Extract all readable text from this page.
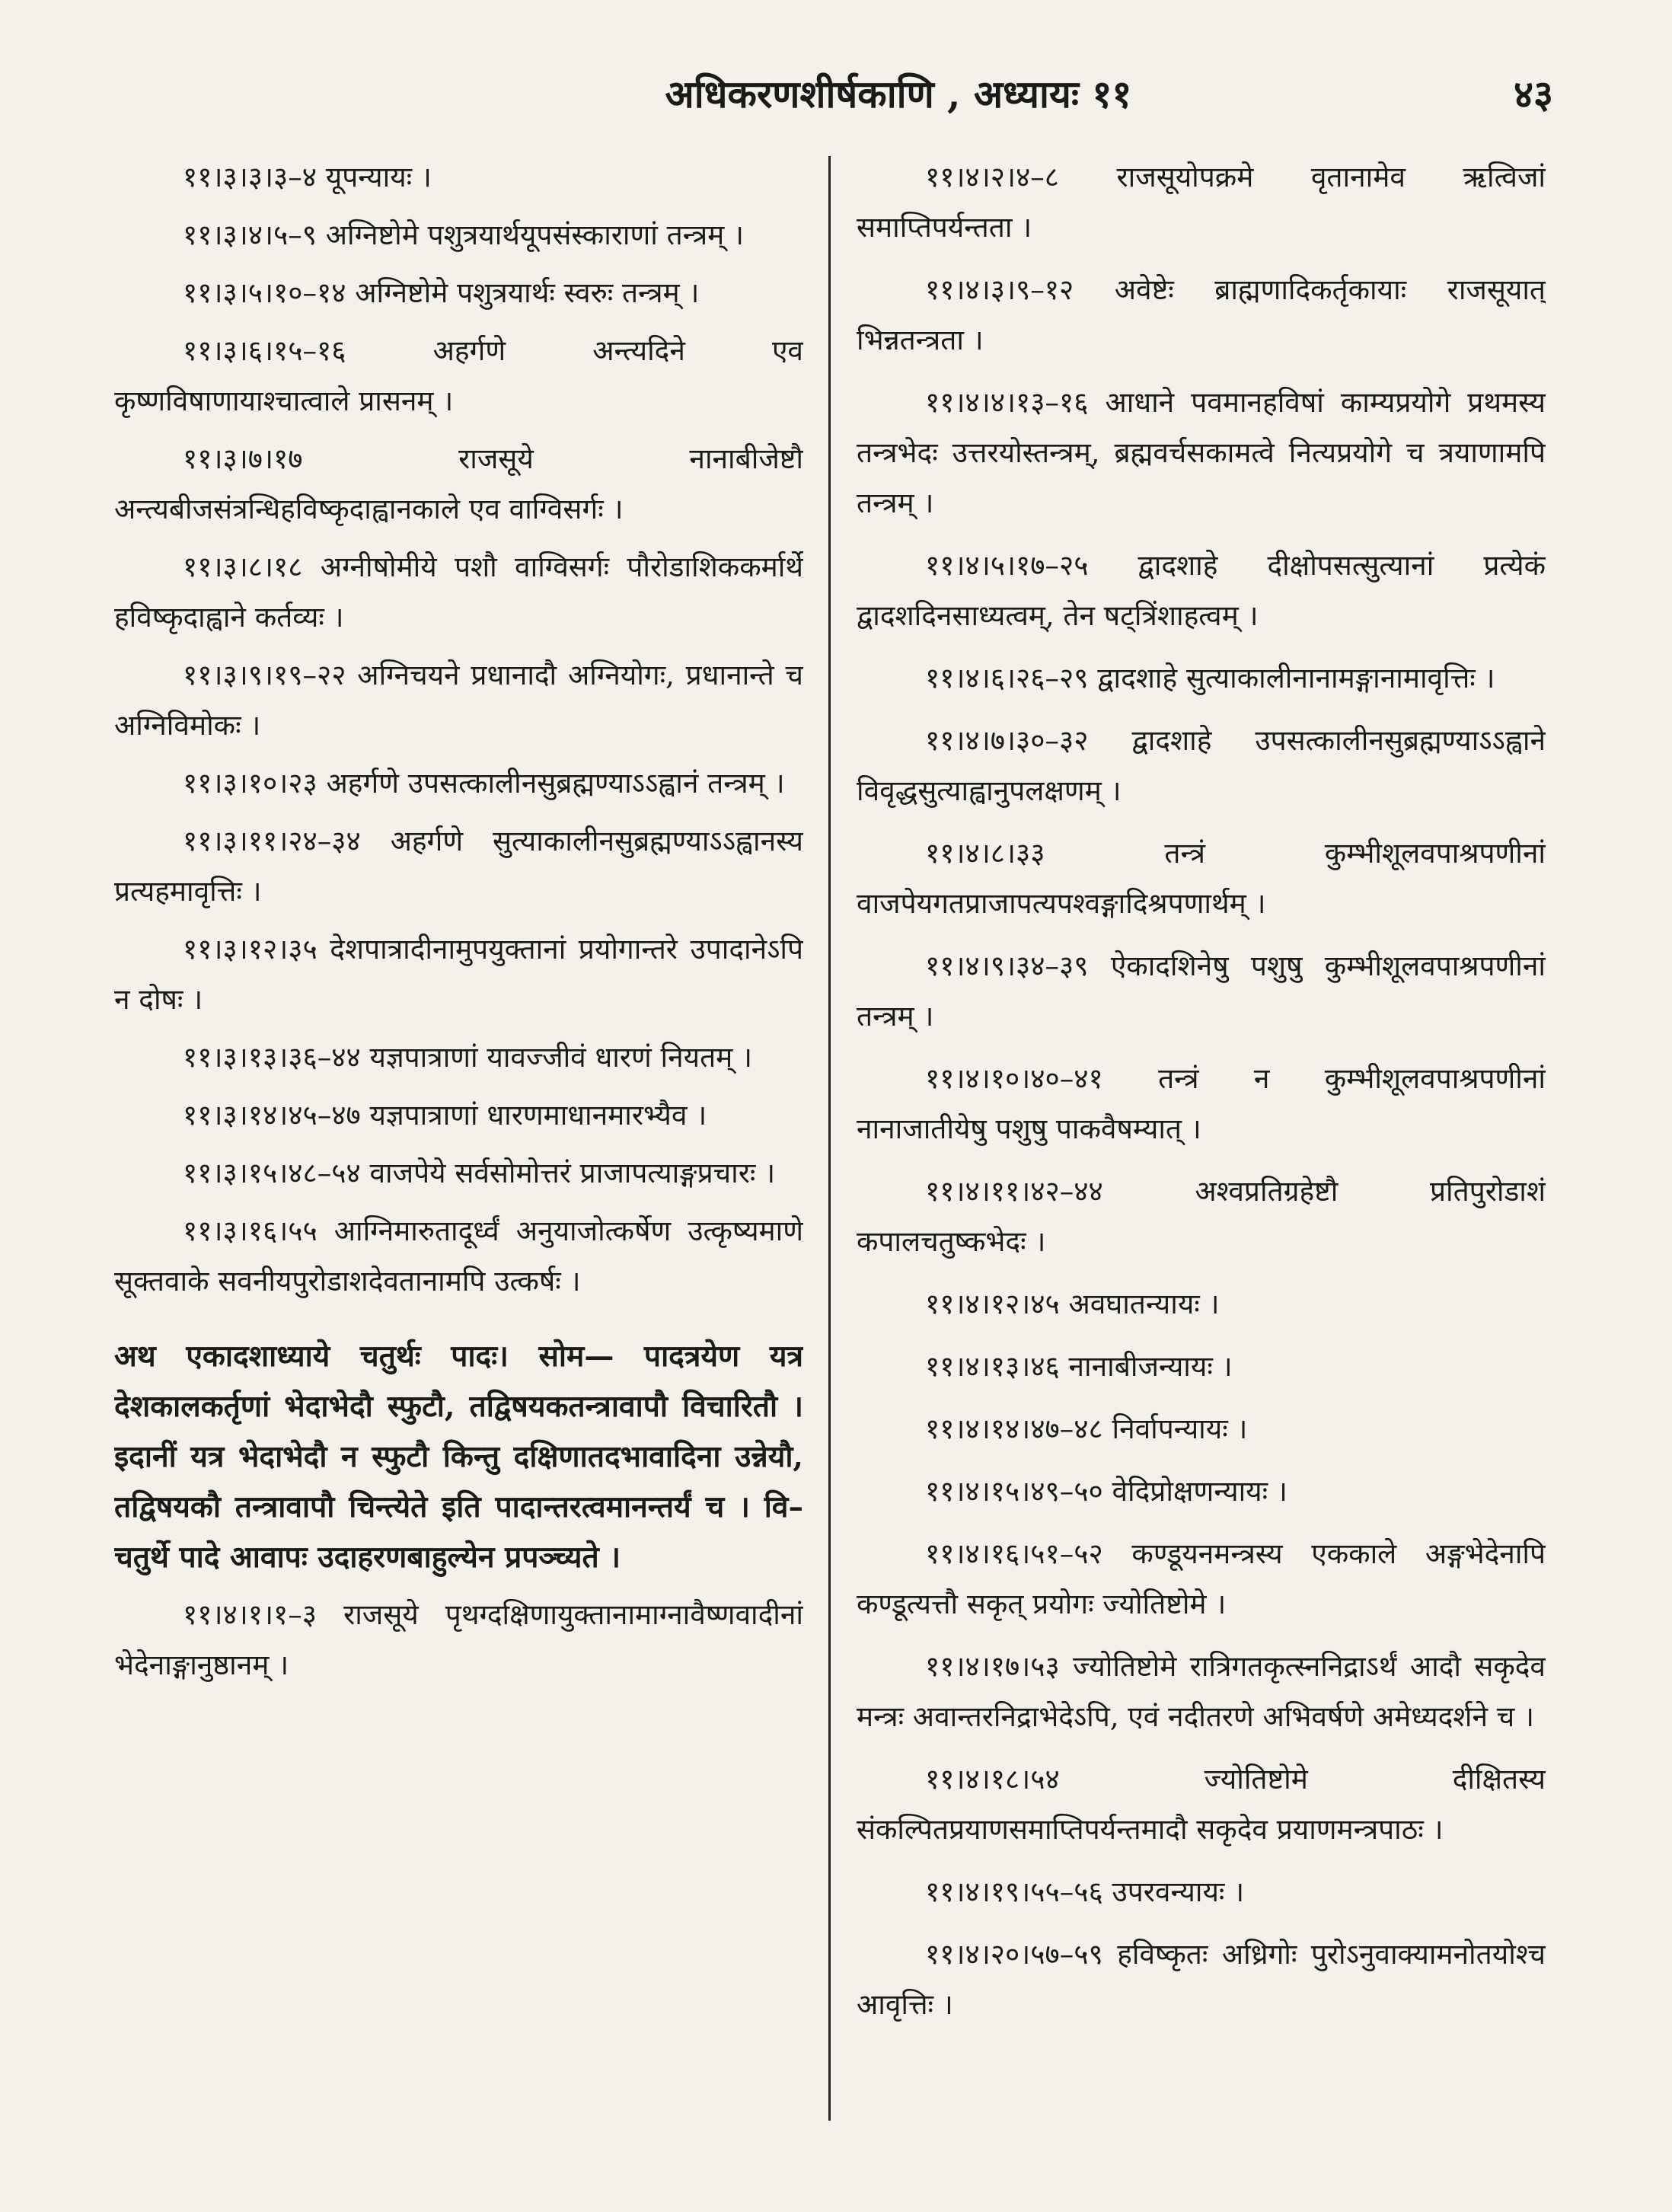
अधिकरणशीर्षकाणि , अध्यायः ११	४३

११।३।३।३–४ यूपन्यायः ।

११।३।४।५–९ अग्निष्टोमे पशुत्रयार्थयूपसंस्काराणां तन्त्रम् ।

११।३।५।१०–१४ अग्निष्टोमे पशुत्रयार्थः स्वरुः तन्त्रम् ।

११।३।६।१५–१६ अहर्गणे अन्त्यदिने एव कृष्णविषाणायाश्चात्वाले प्रासनम् ।

११।३।७।१७ राजसूये नानाबीजेष्टौ अन्त्यबीजसंत्रन्धिहविष्कृदाह्वानकाले एव वाग्विसर्गः ।

११।३।८।१८ अग्नीषोमीये पशौ वाग्विसर्गः पौरोडाशिककर्मार्थे हविष्कृदाह्वाने कर्तव्यः ।

११।३।९।१९–२२ अग्निचयने प्रधानादौ अग्नियोगः, प्रधानान्ते च अग्निविमोकः ।

११।३।१०।२३ अहर्गणे उपसत्कालीनसुब्रह्मण्याऽऽह्वानं तन्त्रम् ।

११।३।११।२४–३४ अहर्गणे सुत्याकालीनसुब्रह्मण्याऽऽह्वानस्य प्रत्यहमावृत्तिः ।

११।३।१२।३५ देशपात्रादीनामुपयुक्तानां प्रयोगान्तरे उपादानेऽपि न दोषः ।

११।३।१३।३६–४४ यज्ञपात्राणां यावज्जीवं धारणं नियतम् ।

११।३।१४।४५–४७ यज्ञपात्राणां धारणमाधानमारभ्यैव ।

११।३।१५।४८–५४ वाजपेये सर्वसोमोत्तरं प्राजापत्याङ्गप्रचारः ।

११।३।१६।५५ आग्निमारुतादूर्ध्वं अनुयाजोत्कर्षेण उत्कृष्यमाणे सूक्तवाके सवनीयपुरोडाशदेवतानामपि उत्कर्षः ।

अथ एकादशाध्याये चतुर्थः पादः। सोम— पादत्रयेण यत्र देशकालकर्तृणां भेदाभेदौ स्फुटौ, तद्विषयकतन्त्रावापौ विचारितौ । इदानीं यत्र भेदाभेदौ न स्फुटौ किन्तु दक्षिणातदभावादिना उन्नेयौ, तद्विषयकौ तन्त्रावापौ चिन्त्येते इति पादान्तरत्वमानन्तर्यं च । वि– चतुर्थे पादे आवापः उदाहरणबाहुल्येन प्रपञ्च्यते ।

११।४।१।१–३ राजसूये पृथग्दक्षिणायुक्तानामाग्नावैष्णवादीनां भेदेनाङ्गानुष्ठानम् ।

११।४।२।४–८ राजसूयोपक्रमे वृतानामेव ऋत्विजां समाप्तिपर्यन्तता ।

११।४।३।९–१२ अवेष्टेः ब्राह्मणादिकर्तृकायाः राजसूयात् भिन्नतन्त्रता ।

११।४।४।१३–१६ आधाने पवमानहविषां काम्यप्रयोगे प्रथमस्य तन्त्रभेदः उत्तरयोस्तन्त्रम्, ब्रह्मवर्चसकामत्वे नित्यप्रयोगे च त्रयाणामपि तन्त्रम् ।

११।४।५।१७–२५ द्वादशाहे दीक्षोपसत्सुत्यानां प्रत्येकं द्वादशदिनसाध्यत्वम्, तेन षट्त्रिंशाहत्वम् ।

११।४।६।२६–२९ द्वादशाहे सुत्याकालीनानामङ्गानामावृत्तिः ।

११।४।७।३०–३२ द्वादशाहे उपसत्कालीनसुब्रह्मण्याऽऽह्वाने विवृद्धसुत्याह्वानुपलक्षणम् ।

११।४।८।३३ तन्त्रं कुम्भीशूलवपाश्रपणीनां वाजपेयगतप्राजापत्यपश्वङ्गादिश्रपणार्थम् ।

११।४।९।३४–३९ ऐकादशिनेषु पशुषु कुम्भीशूलवपाश्रपणीनां तन्त्रम् ।

११।४।१०।४०–४१ तन्त्रं न कुम्भीशूलवपाश्रपणीनां नानाजातीयेषु पशुषु पाकवैषम्यात् ।

११।४।११।४२–४४ अश्वप्रतिग्रहेष्टौ प्रतिपुरोडाशं कपालचतुष्कभेदः ।

११।४।१२।४५ अवघातन्यायः ।

११।४।१३।४६ नानाबीजन्यायः ।

११।४।१४।४७–४८ निर्वापन्यायः ।

११।४।१५।४९–५० वेदिप्रोक्षणन्यायः ।

११।४।१६।५१–५२ कण्डूयनमन्त्रस्य एककाले अङ्गभेदेनापि कण्डूत्यत्तौ सकृत् प्रयोगः ज्योतिष्टोमे ।

११।४।१७।५३ ज्योतिष्टोमे रात्रिगतकृत्स्ननिद्राऽर्थं आदौ सकृदेव मन्त्रः अवान्तरनिद्राभेदेऽपि, एवं नदीतरणे अभिवर्षणे अमेध्यदर्शने च ।

११।४।१८।५४ ज्योतिष्टोमे दीक्षितस्य संकल्पितप्रयाणसमाप्तिपर्यन्तमादौ सकृदेव प्रयाणमन्त्रपाठः ।

११।४।१९।५५–५६ उपरवन्यायः ।

११।४।२०।५७–५९ हविष्कृतः अध्रिगोः पुरोऽनुवाक्यामनोतयोश्च आवृत्तिः ।
